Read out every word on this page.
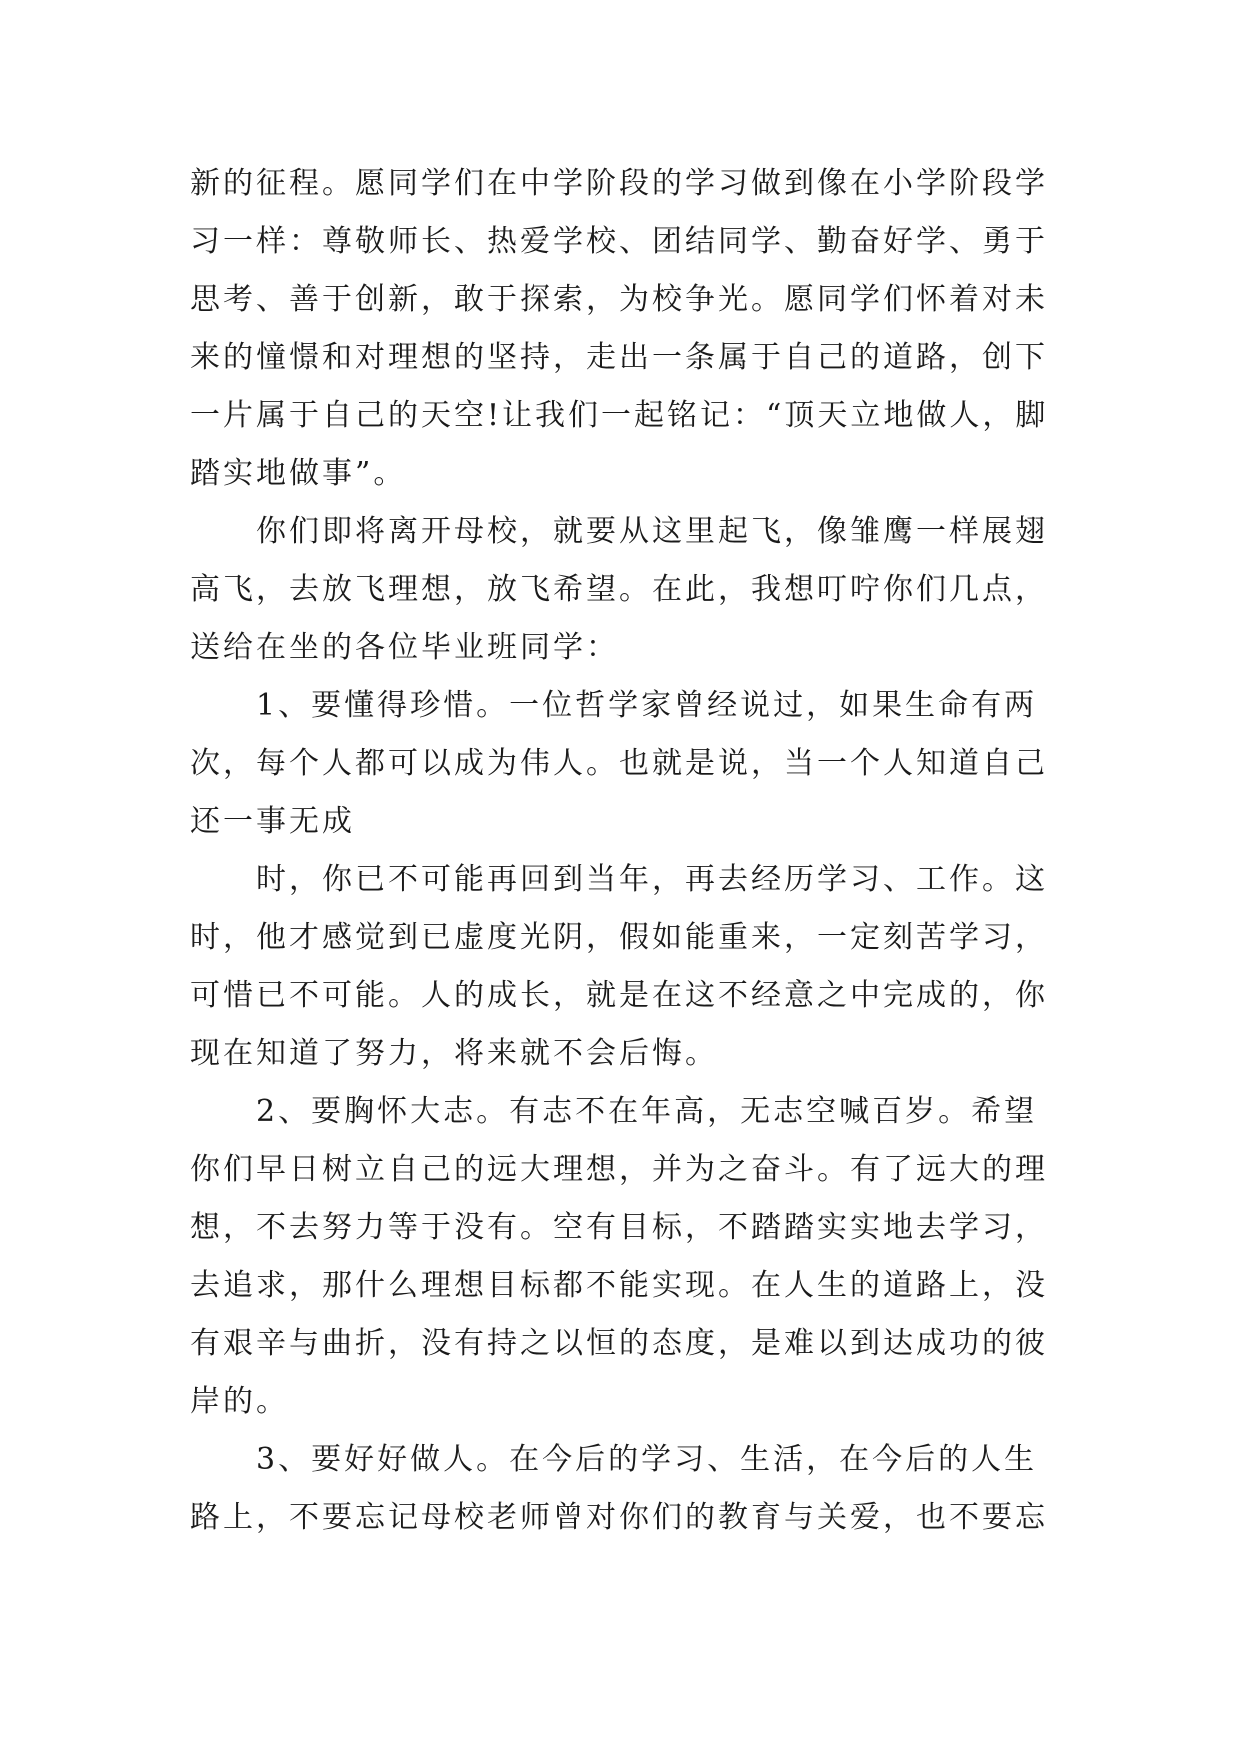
新的征程。愿同学们在中学阶段的学习做到像在小学阶段学
习一样：尊敬师长、热爱学校、团结同学、勤奋好学、勇于
思考、善于创新，敢于探索，为校争光。愿同学们怀着对未
来的憧憬和对理想的坚持，走出一条属于自己的道路，创下
一片属于自己的天空!让我们一起铭记：“顶天立地做人，脚
踏实地做事”。
你们即将离开母校，就要从这里起飞，像雏鹰一样展翅
高飞，去放飞理想，放飞希望。在此，我想叮咛你们几点，
送给在坐的各位毕业班同学：
1、要懂得珍惜。一位哲学家曾经说过，如果生命有两
次，每个人都可以成为伟人。也就是说，当一个人知道自己
还一事无成
时，你已不可能再回到当年，再去经历学习、工作。这
时，他才感觉到已虚度光阴，假如能重来，一定刻苦学习，
可惜已不可能。人的成长，就是在这不经意之中完成的，你
现在知道了努力，将来就不会后悔。
2、要胸怀大志。有志不在年高，无志空喊百岁。希望
你们早日树立自己的远大理想，并为之奋斗。有了远大的理
想，不去努力等于没有。空有目标，不踏踏实实地去学习，
去追求，那什么理想目标都不能实现。在人生的道路上，没
有艰辛与曲折，没有持之以恒的态度，是难以到达成功的彼
岸的。
3、要好好做人。在今后的学习、生活，在今后的人生
路上，不要忘记母校老师曾对你们的教育与关爱，也不要忘
